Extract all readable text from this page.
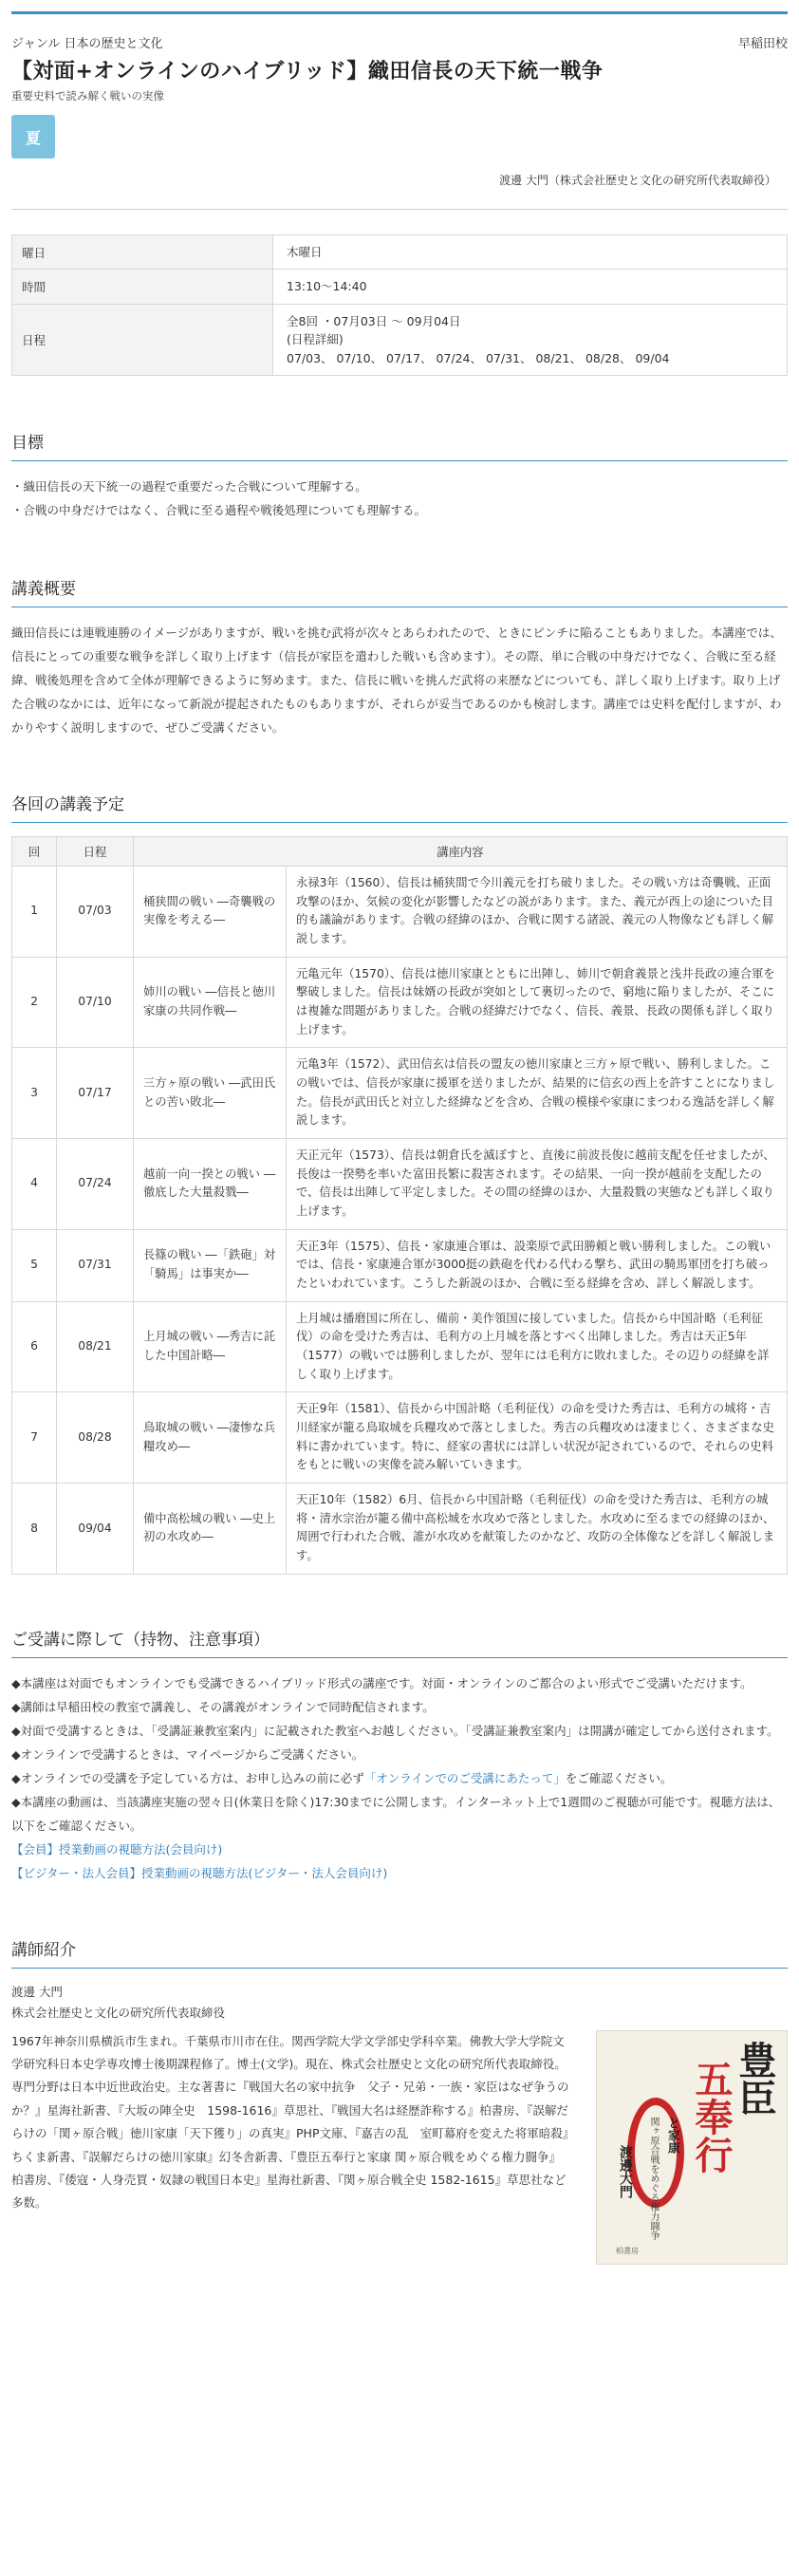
ジャンル 日本の歴史と文化	早稲田校
【対面+オンラインのハイブリッド】織田信長の天下統一戦争
重要史料で読み解く戦いの実像
夏
渡邊 大門（株式会社歴史と文化の研究所代表取締役）
曜日	木曜日
時間	13:10～14:40
日程	全8回 ・07月03日 ～ 09月04日
(日程詳細)
07/03、 07/10、 07/17、 07/24、 07/31、 08/21、 08/28、 09/04
目標
・織田信長の天下統一の過程で重要だった合戦について理解する。
・合戦の中身だけではなく、合戦に至る過程や戦後処理についても理解する。
講義概要
織田信長には連戦連勝のイメージがありますが、戦いを挑む武将が次々とあらわれたので、ときにピンチに陥ることもありました。本講座では、信長にとっての重要な戦争を詳しく取り上げます（信長が家臣を遣わした戦いも含めます）。その際、単に合戦の中身だけでなく、合戦に至る経緯、戦後処理を含めて全体が理解できるように努めます。また、信長に戦いを挑んだ武将の来歴などについても、詳しく取り上げます。取り上げた合戦のなかには、近年になって新説が提起されたものもありますが、それらが妥当であるのかも検討します。講座では史料を配付しますが、わかりやすく説明しますので、ぜひご受講ください。
各回の講義予定
回	日程	講座内容	
1	07/03	桶狭間の戦い ―奇襲戦の実像を考える―	永禄3年（1560）、信長は桶狭間で今川義元を打ち破りました。その戦い方は奇襲戦、正面攻撃のほか、気候の変化が影響したなどの説があります。また、義元が西上の途についた目的も議論があります。合戦の経緯のほか、合戦に関する諸説、義元の人物像なども詳しく解説します。
2	07/10	姉川の戦い ―信長と徳川家康の共同作戦―	元亀元年（1570）、信長は徳川家康とともに出陣し、姉川で朝倉義景と浅井長政の連合軍を撃破しました。信長は妹婿の長政が突如として裏切ったので、窮地に陥りましたが、そこには複雑な問題がありました。合戦の経緯だけでなく、信長、義景、長政の関係も詳しく取り上げます。
3	07/17	三方ヶ原の戦い ―武田氏との苦い敗北―	元亀3年（1572）、武田信玄は信長の盟友の徳川家康と三方ヶ原で戦い、勝利しました。この戦いでは、信長が家康に援軍を送りましたが、結果的に信玄の西上を許すことになりました。信長が武田氏と対立した経緯などを含め、合戦の模様や家康にまつわる逸話を詳しく解説します。
4	07/24	越前一向一揆との戦い ―徹底した大量殺戮―	天正元年（1573）、信長は朝倉氏を滅ぼすと、直後に前波長俊に越前支配を任せましたが、長俊は一揆勢を率いた富田長繁に殺害されます。その結果、一向一揆が越前を支配したので、信長は出陣して平定しました。その間の経緯のほか、大量殺戮の実態なども詳しく取り上げます。
5	07/31	長篠の戦い ―「鉄砲」対「騎馬」は事実か―	天正3年（1575）、信長・家康連合軍は、設楽原で武田勝頼と戦い勝利しました。この戦いでは、信長・家康連合軍が3000挺の鉄砲を代わる代わる撃ち、武田の騎馬軍団を打ち破ったといわれています。こうした新説のほか、合戦に至る経緯を含め、詳しく解説します。
6	08/21	上月城の戦い ―秀吉に託した中国計略―	上月城は播磨国に所在し、備前・美作領国に接していました。信長から中国計略（毛利征伐）の命を受けた秀吉は、毛利方の上月城を落とすべく出陣しました。秀吉は天正5年（1577）の戦いでは勝利しましたが、翌年には毛利方に敗れました。その辺りの経緯を詳しく取り上げます。
7	08/28	鳥取城の戦い ―凄惨な兵糧攻め―	天正9年（1581）、信長から中国計略（毛利征伐）の命を受けた秀吉は、毛利方の城将・吉川経家が籠る鳥取城を兵糧攻めで落としました。秀吉の兵糧攻めは凄まじく、さまざまな史料に書かれています。特に、経家の書状には詳しい状況が記されているので、それらの史料をもとに戦いの実像を読み解いていきます。
8	09/04	備中高松城の戦い ―史上初の水攻め―	天正10年（1582）6月、信長から中国計略（毛利征伐）の命を受けた秀吉は、毛利方の城将・清水宗治が籠る備中高松城を水攻めで落としました。水攻めに至るまでの経緯のほか、周囲で行われた合戦、誰が水攻めを献策したのかなど、攻防の全体像などを詳しく解説します。
ご受講に際して（持物、注意事項）
◆本講座は対面でもオンラインでも受講できるハイブリッド形式の講座です。対面・オンラインのご都合のよい形式でご受講いただけます。
◆講師は早稲田校の教室で講義し、その講義がオンラインで同時配信されます。
◆対面で受講するときは、「受講証兼教室案内」に記載された教室へお越しください。「受講証兼教室案内」は開講が確定してから送付されます。
◆オンラインで受講するときは、マイページからご受講ください。
◆オンラインでの受講を予定している方は、お申し込みの前に必ず「オンラインでのご受講にあたって」をご確認ください。
◆本講座の動画は、当該講座実施の翌々日(休業日を除く)17:30までに公開します。インターネット上で1週間のご視聴が可能です。視聴方法は、以下をご確認ください。
【会員】授業動画の視聴方法(会員向け)
【ビジター・法人会員】授業動画の視聴方法(ビジター・法人会員向け)
講師紹介
渡邊 大門
株式会社歴史と文化の研究所代表取締役
1967年神奈川県横浜市生まれ。千葉県市川市在住。関西学院大学文学部史学科卒業。佛教大学大学院文学研究科日本史学専攻博士後期課程修了。博士(文学)。現在、株式会社歴史と文化の研究所代表取締役。専門分野は日本中近世政治史。主な著書に『戦国大名の家中抗争　父子・兄弟・一族・家臣はなぜ争うのか？』星海社新書、『大坂の陣全史　1598-1616』草思社、『戦国大名は経歴詐称する』柏書房、『誤解だらけの「関ヶ原合戦」徳川家康「天下獲り」の真実』PHP文庫、『嘉吉の乱　室町幕府を変えた将軍暗殺』ちくま新書、『誤解だらけの徳川家康』幻冬舎新書、『豊臣五奉行と家康 関ヶ原合戦をめぐる権力闘争』柏書房、『倭寇・人身売買・奴隷の戦国日本史』星海社新書、『関ヶ原合戦全史 1582-1615』草思社など多数。
豊臣
五奉行
と家康
関ヶ原合戦をめぐる権力闘争
渡邊大門
柏書房
